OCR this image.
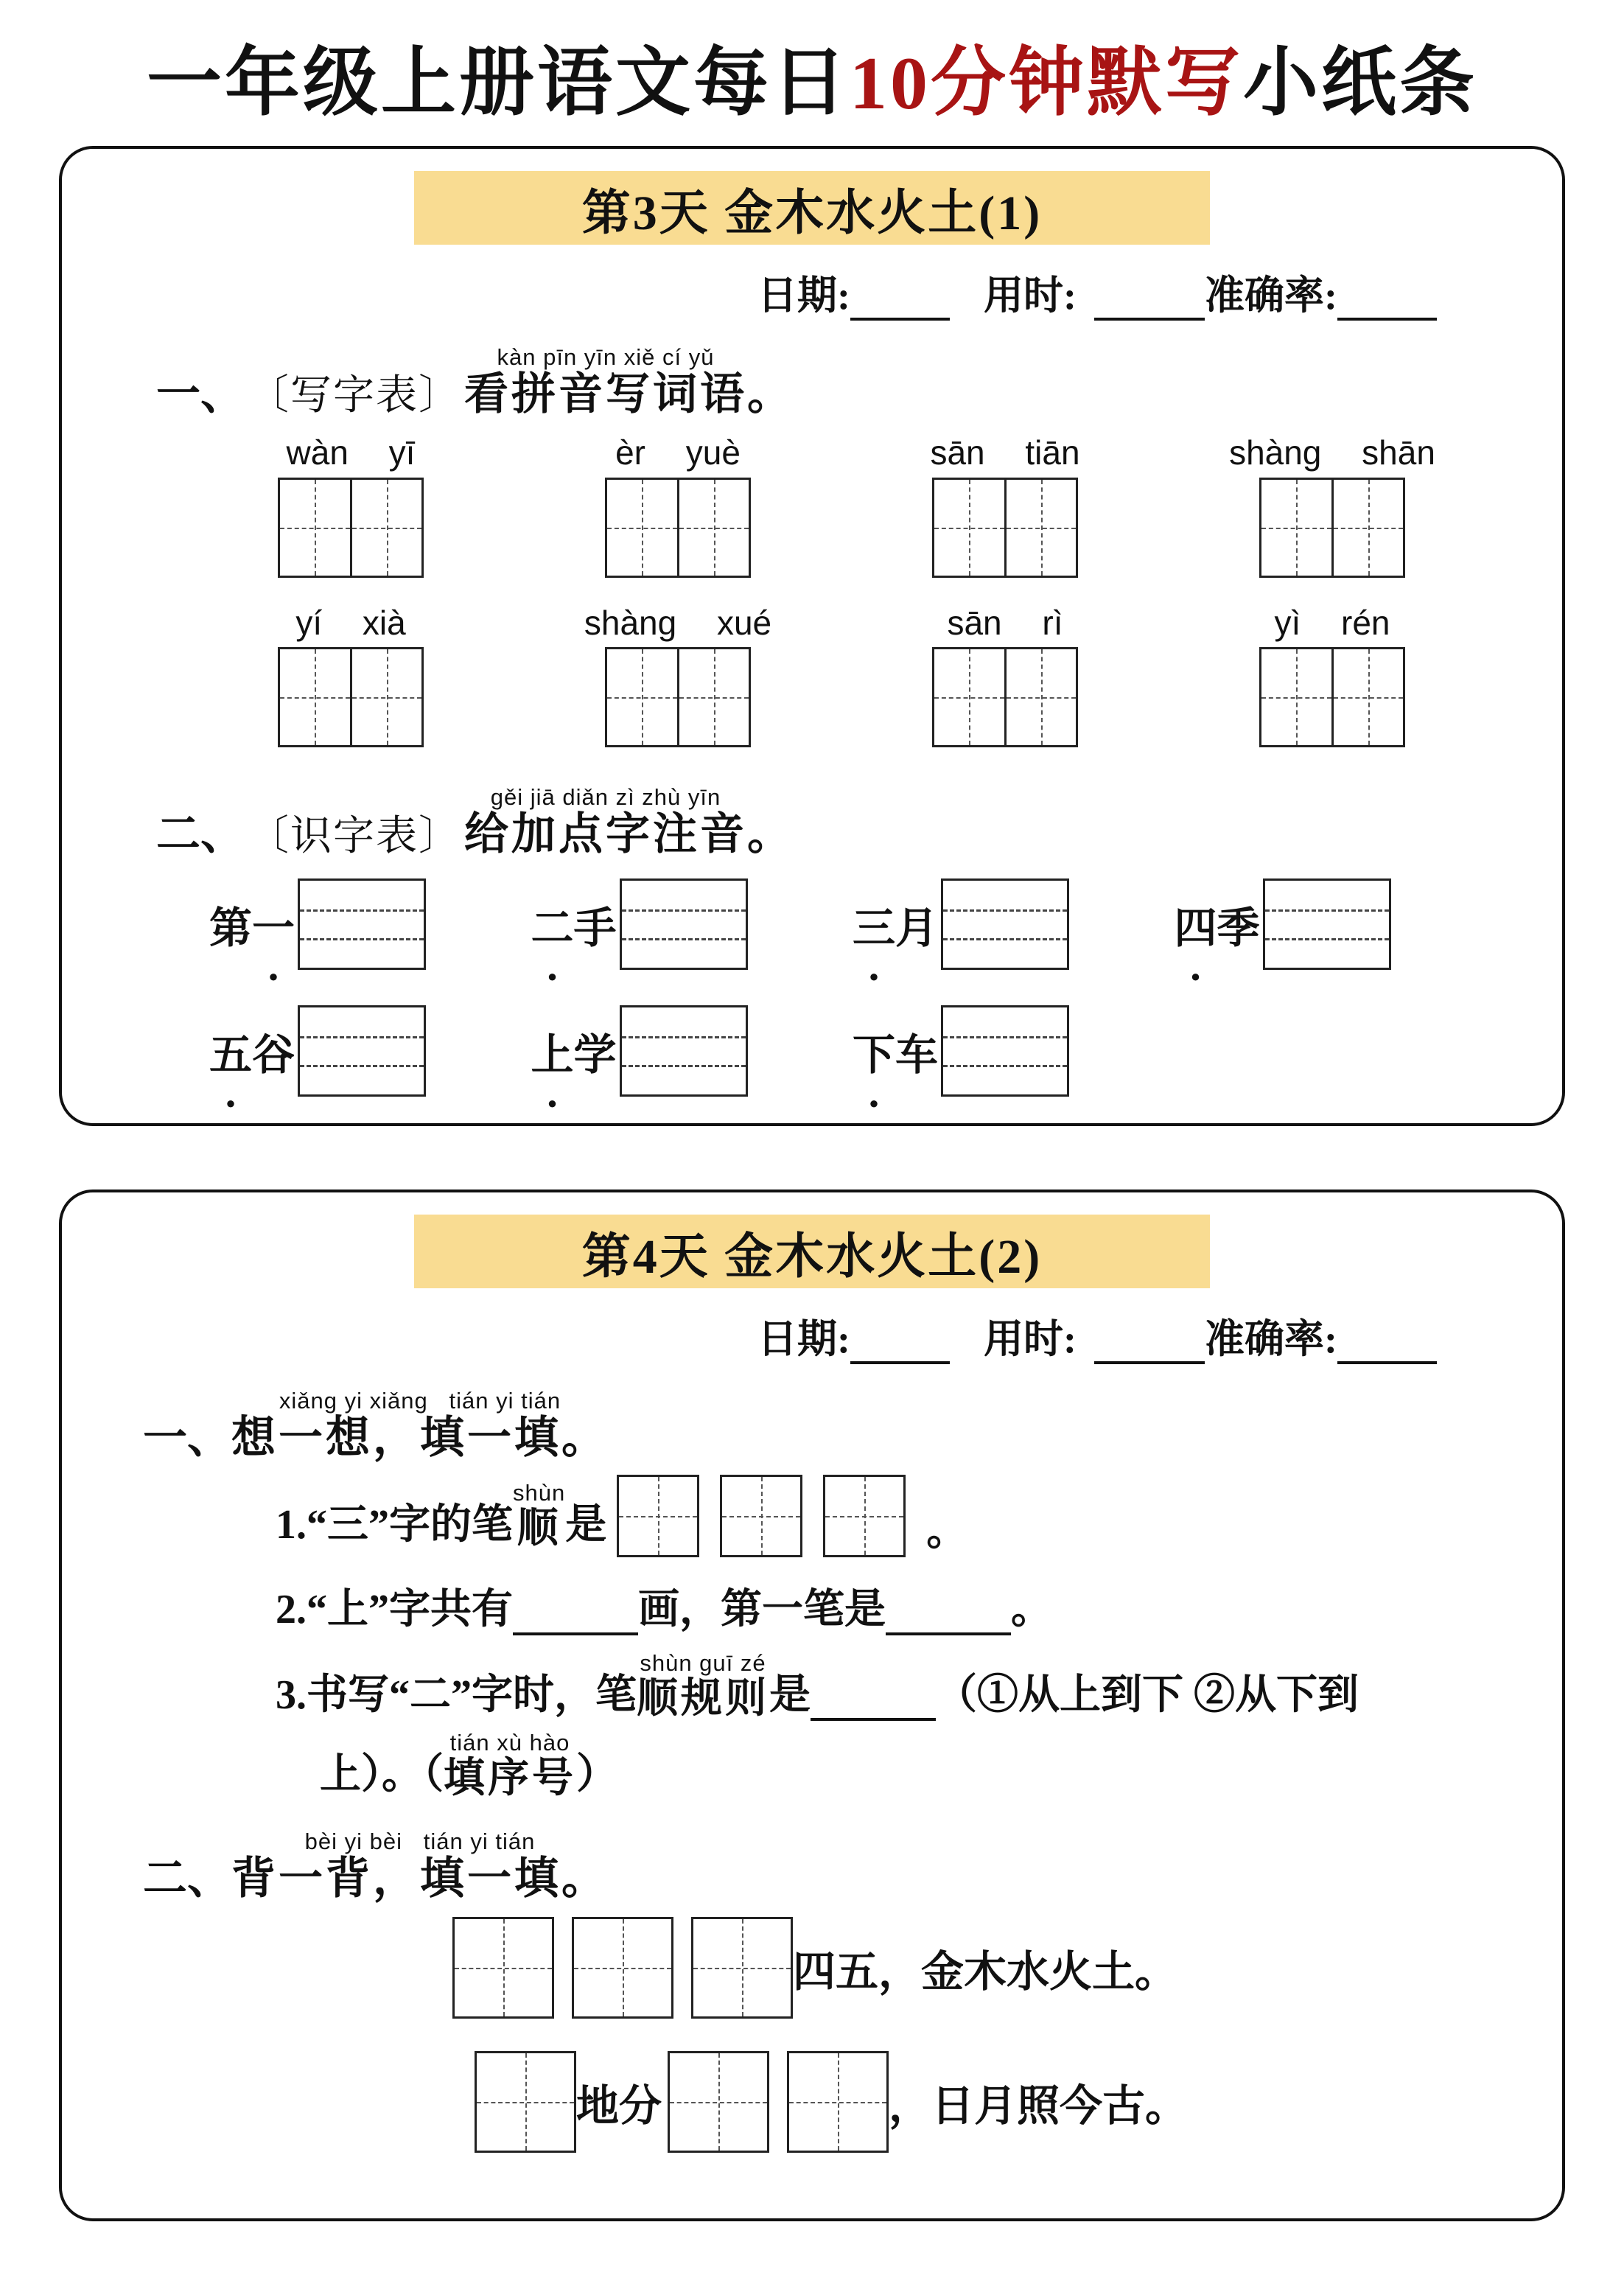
一年级上册语文每日10分钟默写小纸条
第3天 金木水火土(1)
日期:	用时:	准确率:
一、 〔写字表〕
kàn pīn yīn xiě cí yǔ
看拼音写词语 。
wàn yī	èr yuè	sān tiān	shàng shān
yí xià	shàng xué	sān rì	yì rén
二、 〔识字表〕
gěi jiā diǎn zì zhù yīn
给加点字注音 。
第一 ●	二 ●手	三 ●月	四 ●季
五 ●谷	上 ●学	下 ●车
第4天 金木水火土(2)
日期:	用时:	准确率:
一、
xiǎng yi xiǎng   tián yi tián
想一想，填一填。
1.“三”字的笔
shùn
顺 是	。
2.“上”字共有	画，第一笔是	。
3.书写“二”字时，笔
shùn guī zé
顺规则 是	（①从上到下 ②从下到
上）。（
tián xù hào
填序号 ）
二、
bèi yi bèi   tián yi tián
背一背，填一填。
四五，金木水火土。
地分	，日月照今古。
